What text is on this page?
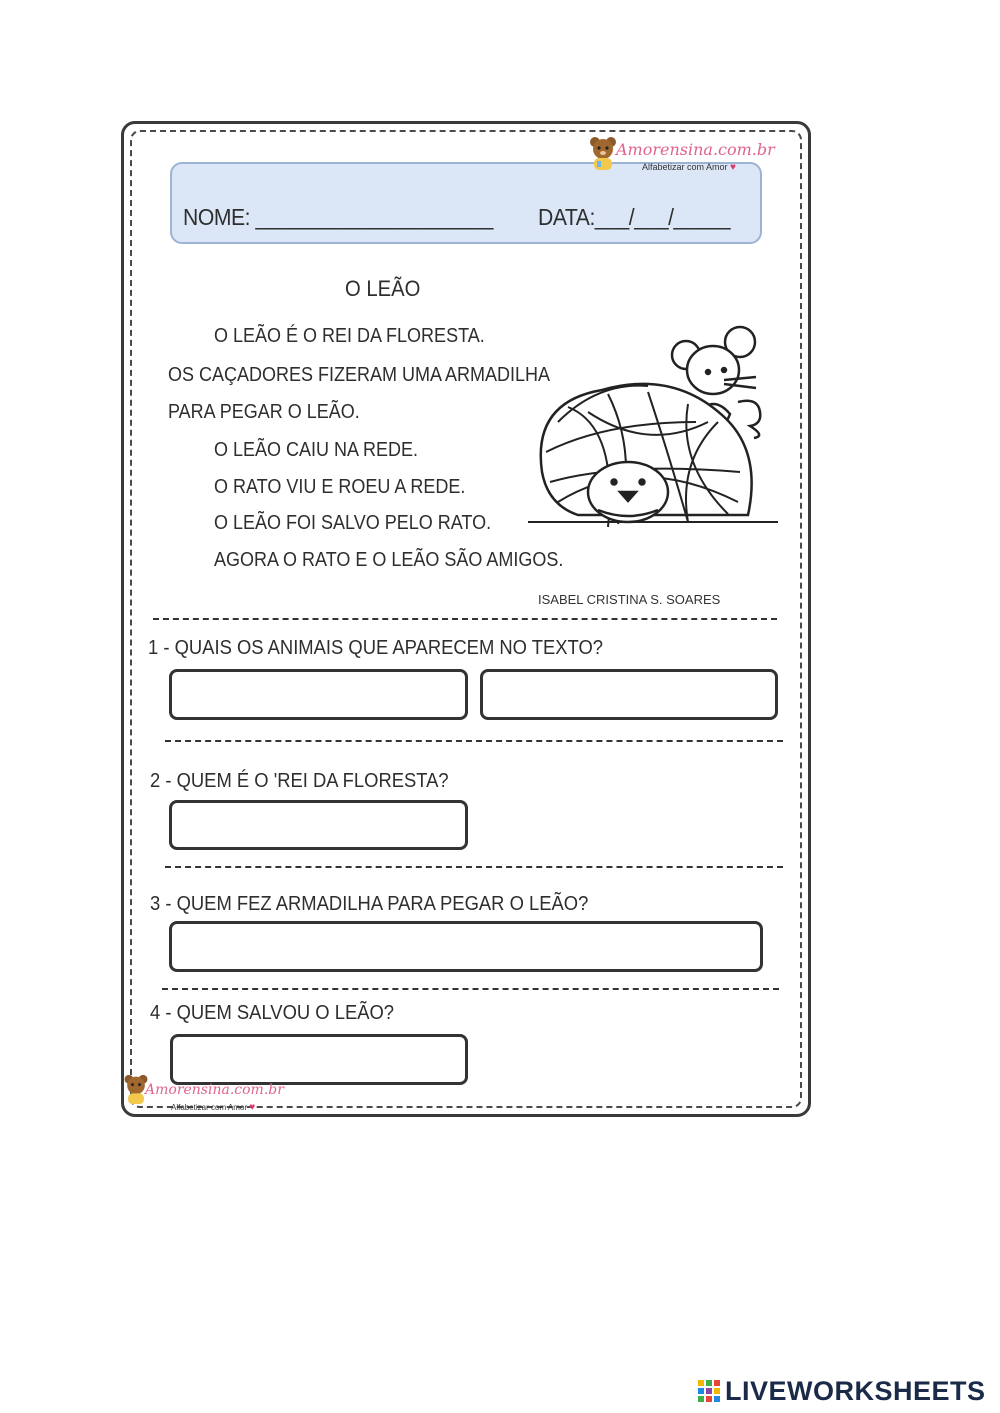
Amorensina.com.br
Alfabetizar com Amor ♥
NOME: _____________________ DATA:___/___/_____
O LEÃO
O LEÃO É O REI DA FLORESTA.
OS CAÇADORES FIZERAM UMA ARMADILHA
PARA PEGAR O LEÃO.
O LEÃO CAIU NA REDE.
O RATO VIU E ROEU A REDE.
O LEÃO FOI SALVO PELO RATO.
AGORA O RATO E O LEÃO SÃO AMIGOS.
ISABEL CRISTINA S. SOARES
1 - QUAIS OS ANIMAIS QUE APARECEM NO TEXTO?
2 - QUEM É O 'REI DA FLORESTA?
3 - QUEM FEZ ARMADILHA PARA PEGAR O LEÃO?
4 - QUEM SALVOU O LEÃO?
Amorensina.com.br
Alfabetizar com Amor ♥
LIVEWORKSHEETS
